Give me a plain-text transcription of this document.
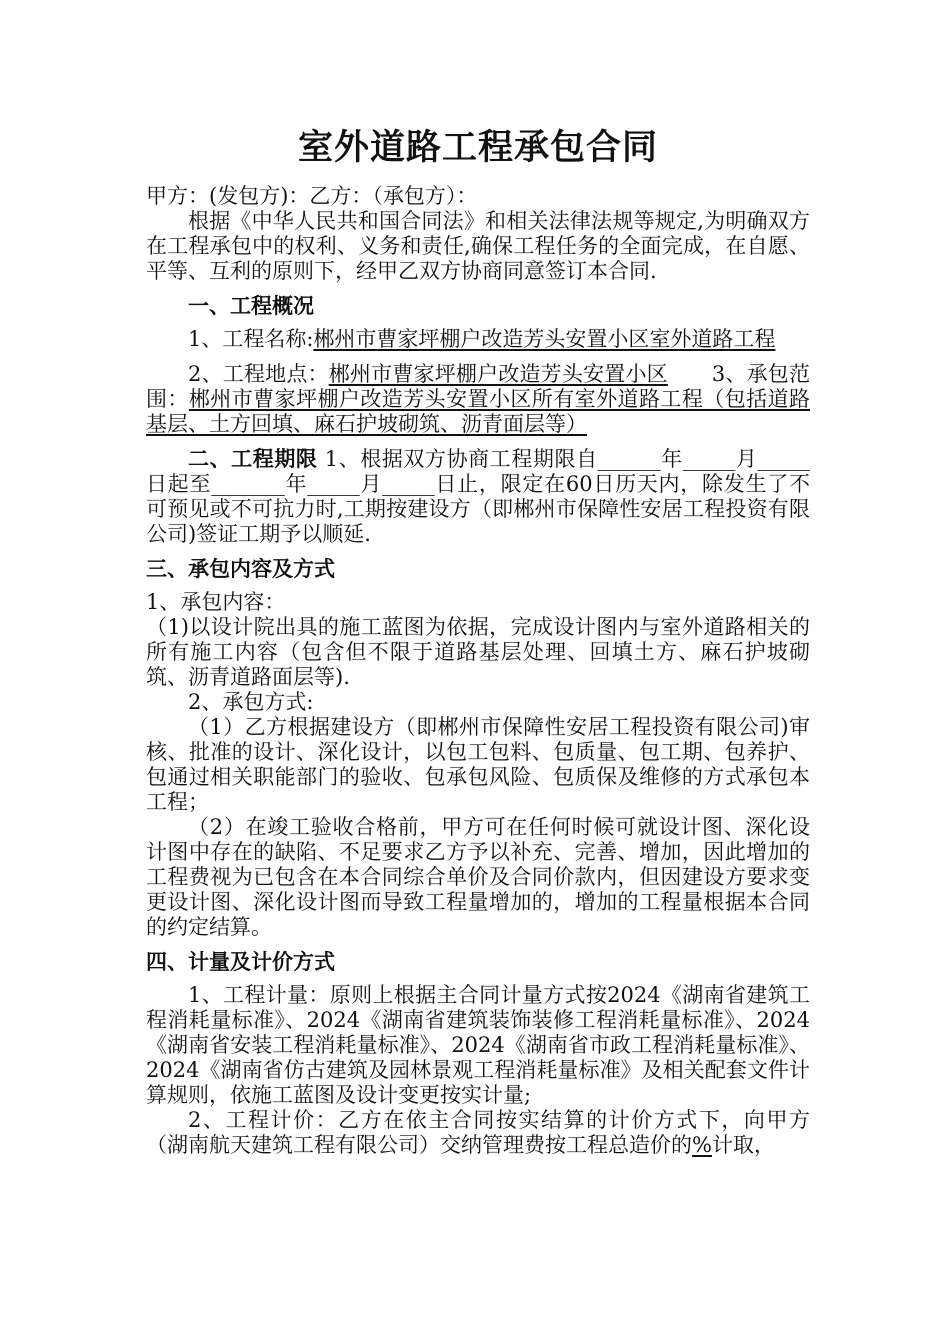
室外道路工程承包合同

甲方：(发包方)：乙方：（承包方）：

根据《中华人民共和国合同法》和相关法律法规等规定,为明确双方在工程承包中的权利、义务和责任,确保工程任务的全面完成，在自愿、平等、互利的原则下，经甲乙双方协商同意签订本合同.

一、工程概况

1、工程名称:郴州市曹家坪棚户改造芳头安置小区室外道路工程

2、工程地点：郴州市曹家坪棚户改造芳头安置小区 3、承包范围：郴州市曹家坪棚户改造芳头安置小区所有室外道路工程（包括道路基层、土方回填、麻石护坡砌筑、沥青面层等）

二、工程期限 1、根据双方协商工程期限自______年_____月_____日起至_______年_____月_____日止，限定在60日历天内，除发生了不可预见或不可抗力时,工期按建设方（即郴州市保障性安居工程投资有限公司)签证工期予以顺延.

三、承包内容及方式

1、承包内容：

（1)以设计院出具的施工蓝图为依据，完成设计图内与室外道路相关的所有施工内容（包含但不限于道路基层处理、回填土方、麻石护坡砌筑、沥青道路面层等).

2、承包方式:

（1）乙方根据建设方（即郴州市保障性安居工程投资有限公司)审核、批准的设计、深化设计，以包工包料、包质量、包工期、包养护、包通过相关职能部门的验收、包承包风险、包质保及维修的方式承包本工程；

（2）在竣工验收合格前，甲方可在任何时候可就设计图、深化设计图中存在的缺陷、不足要求乙方予以补充、完善、增加，因此增加的工程费视为已包含在本合同综合单价及合同价款内，但因建设方要求变更设计图、深化设计图而导致工程量增加的，增加的工程量根据本合同的约定结算。

四、计量及计价方式

1、工程计量：原则上根据主合同计量方式按2024《湖南省建筑工程消耗量标准》、2024《湖南省建筑装饰装修工程消耗量标准》、2024《湖南省安装工程消耗量标准》、2024《湖南省市政工程消耗量标准》、2024《湖南省仿古建筑及园林景观工程消耗量标准》及相关配套文件计算规则，依施工蓝图及设计变更按实计量;

2、工程计价：乙方在依主合同按实结算的计价方式下，向甲方（湖南航天建筑工程有限公司）交纳管理费按工程总造价的%计取，
